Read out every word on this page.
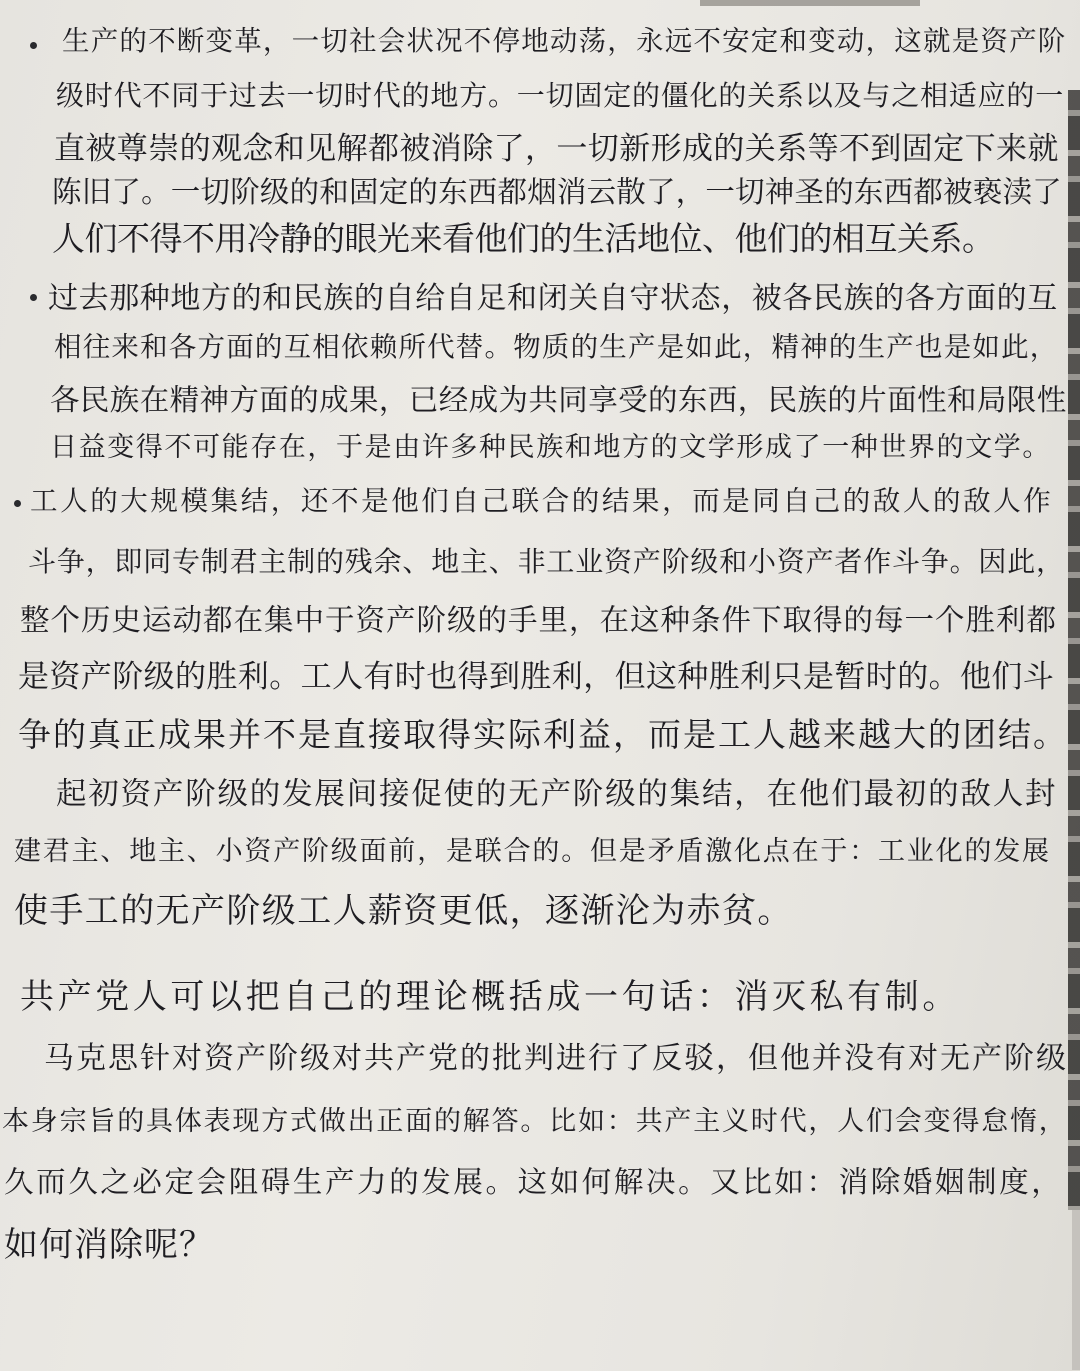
生产的不断变革，一切社会状况不停地动荡，永远不安定和变动，这就是资产阶

级时代不同于过去一切时代的地方。一切固定的僵化的关系以及与之相适应的一

直被尊崇的观念和见解都被消除了，一切新形成的关系等不到固定下来就

陈旧了。一切阶级的和固定的东西都烟消云散了，一切神圣的东西都被亵渎了

人们不得不用冷静的眼光来看他们的生活地位、他们的相互关系。

过去那种地方的和民族的自给自足和闭关自守状态，被各民族的各方面的互

相往来和各方面的互相依赖所代替。物质的生产是如此，精神的生产也是如此，

各民族在精神方面的成果，已经成为共同享受的东西，民族的片面性和局限性

日益变得不可能存在，于是由许多种民族和地方的文学形成了一种世界的文学。

工人的大规模集结，还不是他们自己联合的结果，而是同自己的敌人的敌人作

斗争，即同专制君主制的残余、地主、非工业资产阶级和小资产者作斗争。因此，

整个历史运动都在集中于资产阶级的手里，在这种条件下取得的每一个胜利都

是资产阶级的胜利。工人有时也得到胜利，但这种胜利只是暂时的。他们斗

争的真正成果并不是直接取得实际利益，而是工人越来越大的团结。

起初资产阶级的发展间接促使的无产阶级的集结，在他们最初的敌人封

建君主、地主、小资产阶级面前，是联合的。但是矛盾激化点在于：工业化的发展

使手工的无产阶级工人薪资更低，逐渐沦为赤贫。

共产党人可以把自己的理论概括成一句话：消灭私有制。

马克思针对资产阶级对共产党的批判进行了反驳，但他并没有对无产阶级

本身宗旨的具体表现方式做出正面的解答。比如：共产主义时代，人们会变得怠惰，

久而久之必定会阻碍生产力的发展。这如何解决。又比如：消除婚姻制度，

如何消除呢？
